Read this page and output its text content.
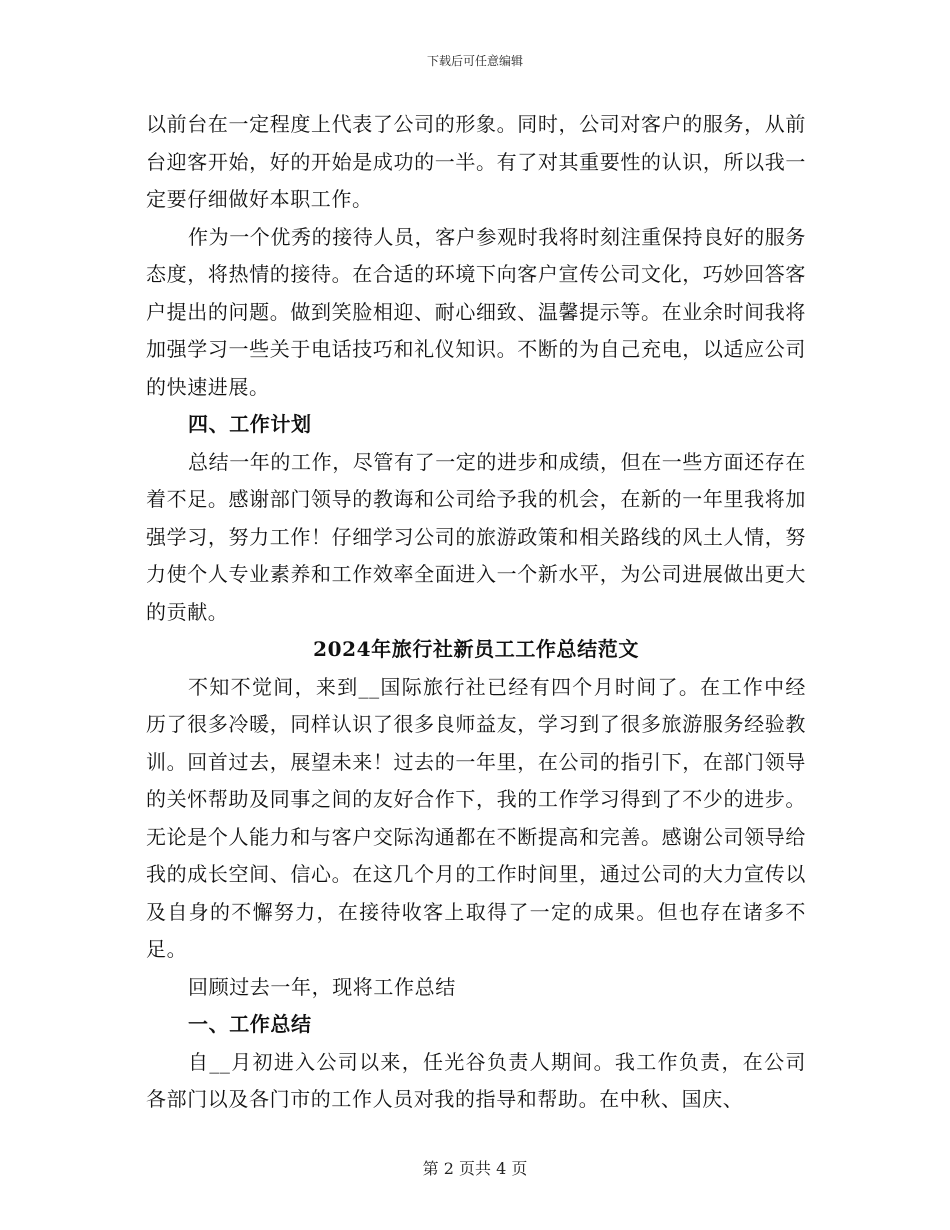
下载后可任意编辑

以前台在一定程度上代表了公司的形象。同时，公司对客户的服务，从前台迎客开始，好的开始是成功的一半。有了对其重要性的认识，所以我一定要仔细做好本职工作。

作为一个优秀的接待人员，客户参观时我将时刻注重保持良好的服务态度，将热情的接待。在合适的环境下向客户宣传公司文化，巧妙回答客户提出的问题。做到笑脸相迎、耐心细致、温馨提示等。在业余时间我将加强学习一些关于电话技巧和礼仪知识。不断的为自己充电，以适应公司的快速进展。

四、工作计划

总结一年的工作，尽管有了一定的进步和成绩，但在一些方面还存在着不足。感谢部门领导的教诲和公司给予我的机会，在新的一年里我将加强学习，努力工作！仔细学习公司的旅游政策和相关路线的风土人情，努力使个人专业素养和工作效率全面进入一个新水平，为公司进展做出更大的贡献。

2024年旅行社新员工工作总结范文

不知不觉间，来到__国际旅行社已经有四个月时间了。在工作中经历了很多冷暖，同样认识了很多良师益友，学习到了很多旅游服务经验教训。回首过去，展望未来！过去的一年里，在公司的指引下，在部门领导的关怀帮助及同事之间的友好合作下，我的工作学习得到了不少的进步。无论是个人能力和与客户交际沟通都在不断提高和完善。感谢公司领导给我的成长空间、信心。在这几个月的工作时间里，通过公司的大力宣传以及自身的不懈努力，在接待收客上取得了一定的成果。但也存在诸多不足。

回顾过去一年，现将工作总结

一、工作总结

自__月初进入公司以来，任光谷负责人期间。我工作负责，在公司各部门以及各门市的工作人员对我的指导和帮助。在中秋、国庆、

第 2 页共 4 页
